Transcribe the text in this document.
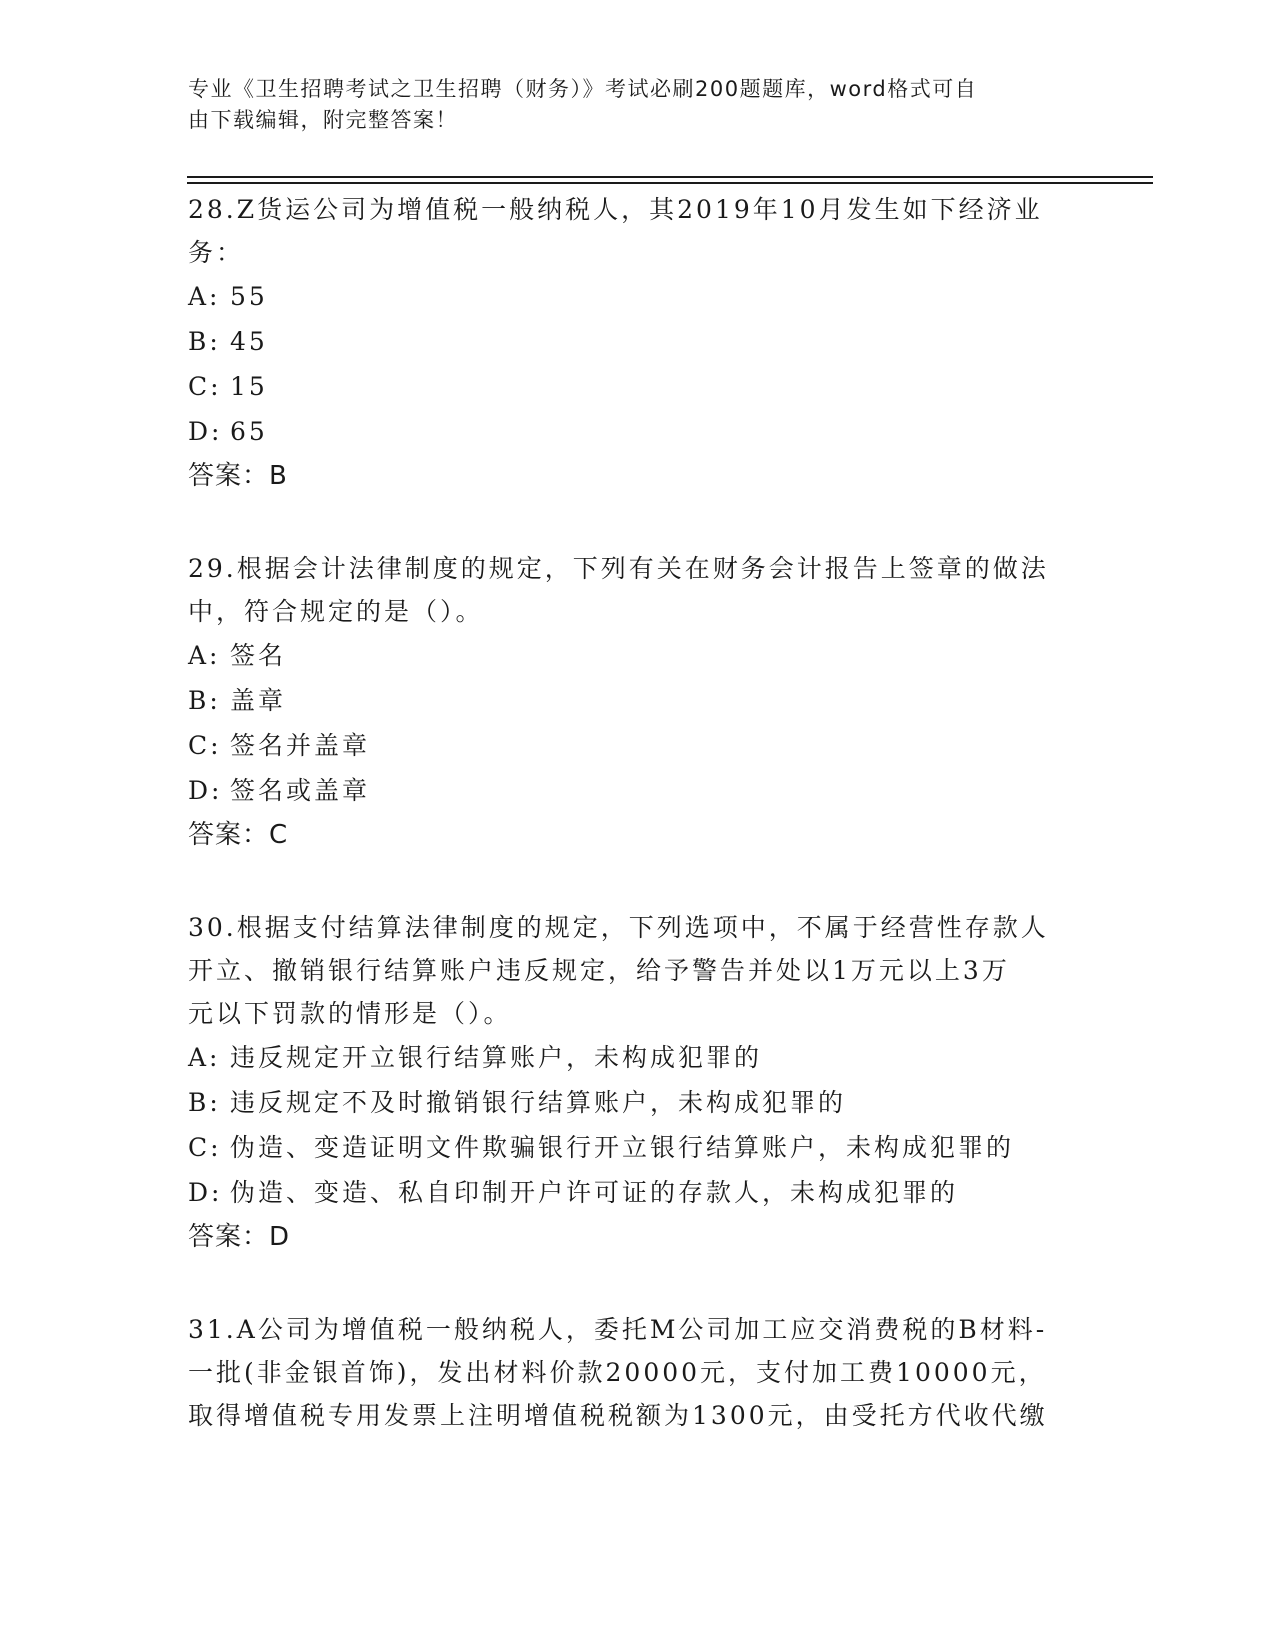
专业《卫生招聘考试之卫生招聘（财务）》考试必刷200题题库，word格式可自
由下载编辑，附完整答案！

28.Z货运公司为增值税一般纳税人，其2019年10月发生如下经济业

务：

A: 55

B: 45

C: 15

D: 65

答案：B

29.根据会计法律制度的规定，下列有关在财务会计报告上签章的做法

中，符合规定的是（）。

A: 签名

B: 盖章

C: 签名并盖章

D: 签名或盖章

答案：C

30.根据支付结算法律制度的规定，下列选项中，不属于经营性存款人

开立、撤销银行结算账户违反规定，给予警告并处以1万元以上3万

元以下罚款的情形是（）。

A: 违反规定开立银行结算账户，未构成犯罪的

B: 违反规定不及时撤销银行结算账户，未构成犯罪的

C: 伪造、变造证明文件欺骗银行开立银行结算账户，未构成犯罪的

D: 伪造、变造、私自印制开户许可证的存款人，未构成犯罪的

答案：D

31.A公司为增值税一般纳税人，委托M公司加工应交消费税的B材料-

一批(非金银首饰)，发出材料价款20000元，支付加工费10000元，

取得增值税专用发票上注明增值税税额为1300元，由受托方代收代缴
